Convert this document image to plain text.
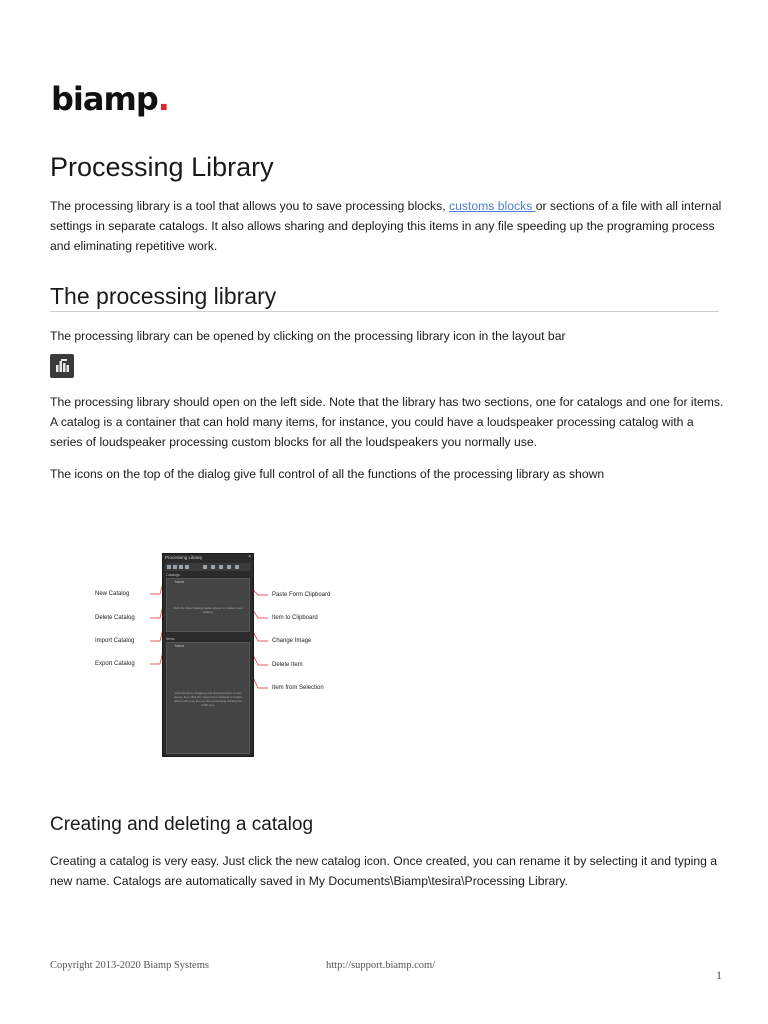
biamp.
Processing Library

The processing library is a tool that allows you to save processing blocks, customs blocks or sections of a file with all internal settings in separate catalogs. It also allows sharing and deploying this items in any file speeding up the programing process and eliminating repetitive work.

The processing library

The processing library can be opened by clicking on the processing library icon in the layout bar

The processing library should open on the left side. Note that the library has two sections, one for catalogs and one for items. A catalog is a container that can hold many items, for instance, you could have a loudspeaker processing catalog with a series of loudspeaker processing custom blocks for all the loudspeakers you normally use.

The icons on the top of the dialog give full control of all the functions of the processing library as shown

Processing Library	×
Catalogs
Name
Click the New Catalog button above to create a new catalog.
Items
Name
Add blocks by dragging and dropping them to this layout, then click the "Items From Selection" button above OR copy them to the processing holding the CTRL key.
New Catalog
Delete Catalog
Import Catalog
Export Catalog
Paste Form Clipboard
Item to Clipboard
Change Image
Delete Item
Item from Selection
Creating and deleting a catalog

Creating a catalog is very easy. Just click the new catalog icon. Once created, you can rename it by selecting it and typing a new name. Catalogs are automatically saved in My Documents\Biamp\tesira\Processing Library.

Copyright 2013-2020 Biamp Systems	http://support.biamp.com/
1
